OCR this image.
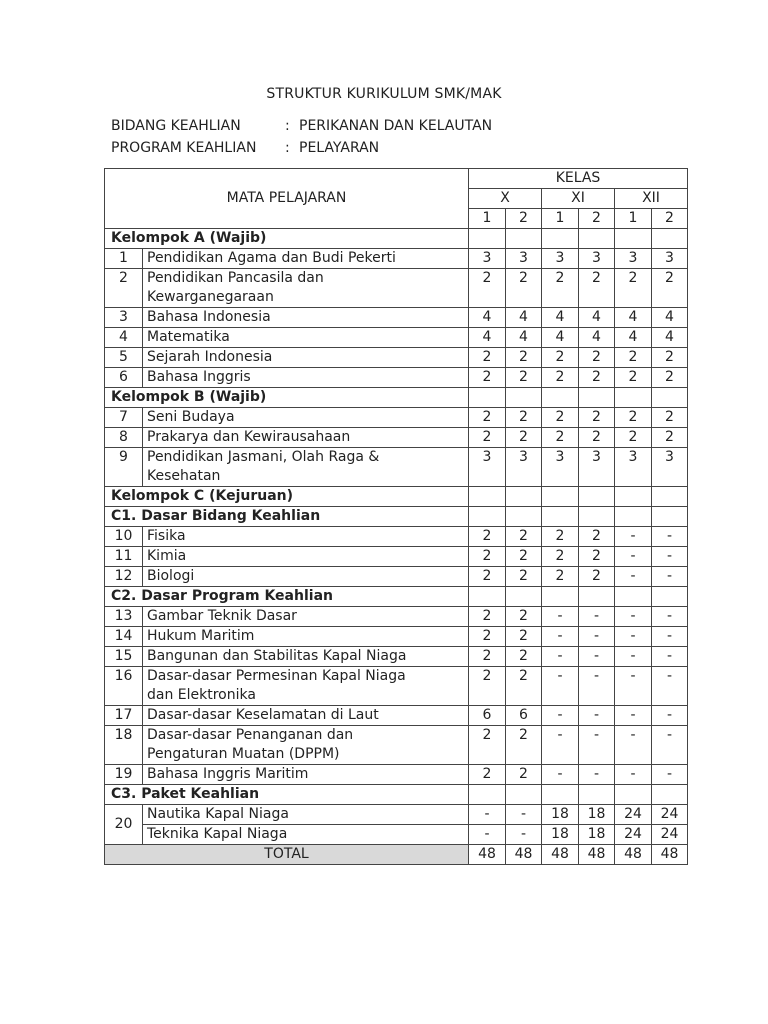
STRUKTUR KURIKULUM SMK/MAK
BIDANG KEAHLIAN	: PERIKANAN DAN KELAUTAN
PROGRAM KEAHLIAN : PELAYARAN
MATA PELAJARAN		KELAS					
		X		XI		XII	
		1	2	1	2	1	2
Kelompok A (Wajib)							
1	Pendidikan Agama dan Budi Pekerti	3	3	3	3	3	3
2	Pendidikan Pancasila dan
Kewarganegaraan	2	2	2	2	2	2
3	Bahasa Indonesia	4	4	4	4	4	4
4	Matematika	4	4	4	4	4	4
5	Sejarah Indonesia	2	2	2	2	2	2
6	Bahasa Inggris	2	2	2	2	2	2
Kelompok B (Wajib)							
7	Seni Budaya	2	2	2	2	2	2
8	Prakarya dan Kewirausahaan	2	2	2	2	2	2
9	Pendidikan Jasmani, Olah Raga &
Kesehatan	3	3	3	3	3	3
Kelompok C (Kejuruan)							
C1. Dasar Bidang Keahlian							
10	Fisika	2	2	2	2	-	-
11	Kimia	2	2	2	2	-	-
12	Biologi	2	2	2	2	-	-
C2. Dasar Program Keahlian							
13	Gambar Teknik Dasar	2	2	-	-	-	-
14	Hukum Maritim	2	2	-	-	-	-
15	Bangunan dan Stabilitas Kapal Niaga	2	2	-	-	-	-
16	Dasar-dasar Permesinan Kapal Niaga
dan Elektronika	2	2	-	-	-	-
17	Dasar-dasar Keselamatan di Laut	6	6	-	-	-	-
18	Dasar-dasar Penanganan dan
Pengaturan Muatan (DPPM)	2	2	-	-	-	-
19	Bahasa Inggris Maritim	2	2	-	-	-	-
C3. Paket Keahlian							
20	Nautika Kapal Niaga	-	-	18	18	24	24

	Teknika Kapal Niaga	-	-	18	18	24	24
TOTAL		48	48	48	48	48	48
